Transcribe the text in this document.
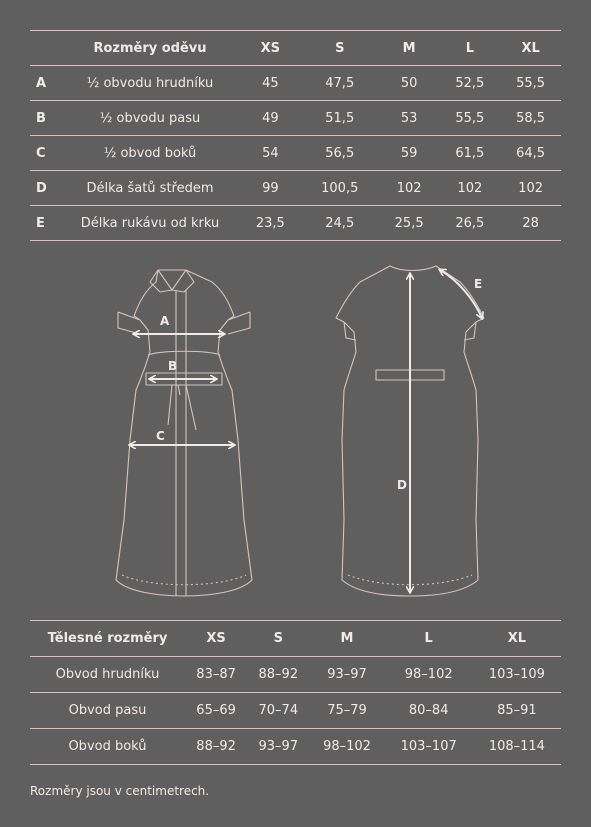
	Rozměry oděvu	XS	S	M	L	XL
A	½ obvodu hrudníku	45	47,5	50	52,5	55,5
B	½ obvodu pasu	49	51,5	53	55,5	58,5
C	½ obvod boků	54	56,5	59	61,5	64,5
D	Délka šatů středem	99	100,5	102	102	102
E	Délka rukávu od krku	23,5	24,5	25,5	26,5	28
A
B
C
D
E
Tělesné rozměry	XS	S	M	L	XL
Obvod hrudníku	83–87	88–92	93–97	98–102	103–109
Obvod pasu	65–69	70–74	75–79	80–84	85–91
Obvod boků	88–92	93–97	98–102	103–107	108–114
Rozměry jsou v centimetrech.
